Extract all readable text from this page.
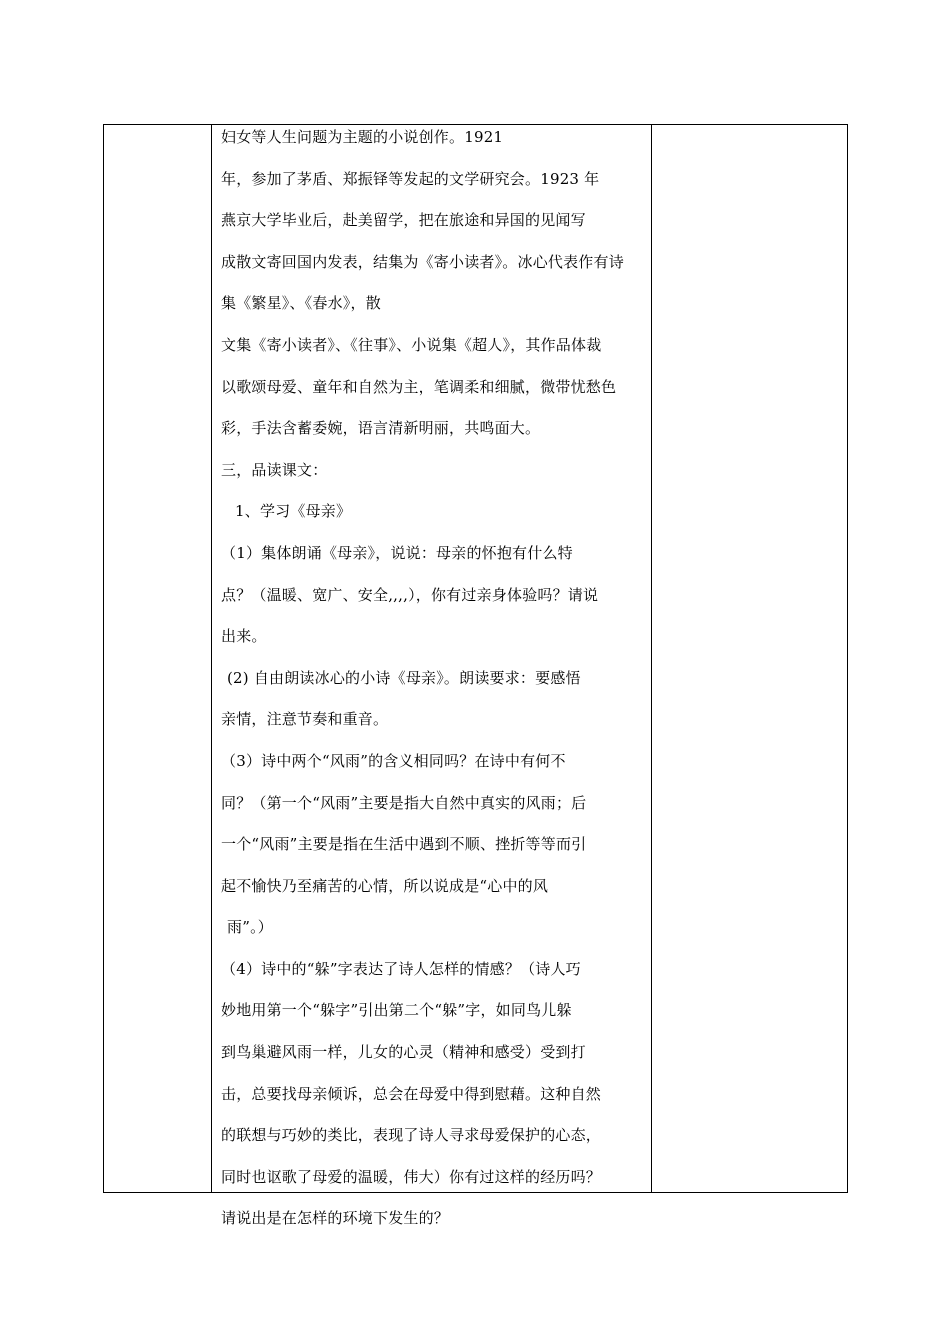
妇女等人生问题为主题的小说创作。1921
年，参加了茅盾、郑振铎等发起的文学研究会。1923 年
燕京大学毕业后，赴美留学，把在旅途和异国的见闻写
成散文寄回国内发表，结集为《寄小读者》。冰心代表作有诗
集《繁星》、《春水》，散
文集《寄小读者》、《往事》、小说集《超人》，其作品体裁
以歌颂母爱、童年和自然为主，笔调柔和细腻，微带忧愁色
彩，手法含蓄委婉，语言清新明丽，共鸣面大。
三，品读课文：
1、学习《母亲》
（1）集体朗诵《母亲》，说说：母亲的怀抱有什么特
点？（温暖、宽广、安全,,,,），你有过亲身体验吗？请说
出来。
(2) 自由朗读冰心的小诗《母亲》。朗读要求：要感悟
亲情，注意节奏和重音。
（3）诗中两个“风雨”的含义相同吗？在诗中有何不
同？（第一个“风雨”主要是指大自然中真实的风雨；后
一个“风雨”主要是指在生活中遇到不顺、挫折等等而引
起不愉快乃至痛苦的心情，所以说成是“心中的风
雨”。）
（4）诗中的“躲”字表达了诗人怎样的情感？（诗人巧
妙地用第一个“躲字”引出第二个“躲”字，如同鸟儿躲
到鸟巢避风雨一样，儿女的心灵（精神和感受）受到打
击，总要找母亲倾诉，总会在母爱中得到慰藉。这种自然
的联想与巧妙的类比，表现了诗人寻求母爱保护的心态，
同时也讴歌了母爱的温暖，伟大）你有过这样的经历吗？
请说出是在怎样的环境下发生的？
